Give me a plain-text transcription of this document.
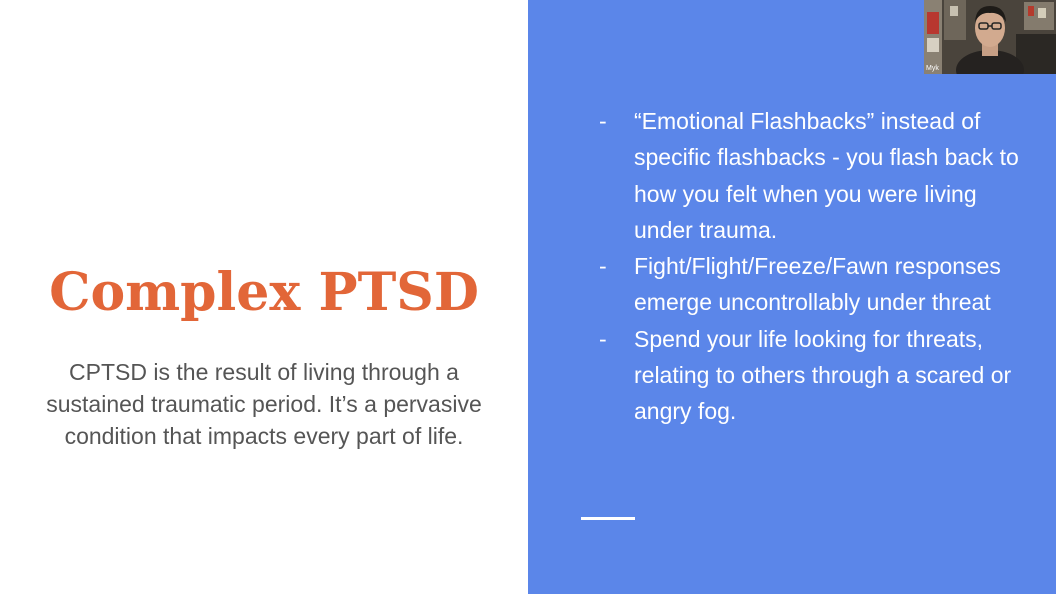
Complex PTSD
CPTSD is the result of living through a sustained traumatic period. It’s a pervasive condition that impacts every part of life.
- “Emotional Flashbacks” instead of specific flashbacks - you flash back to how you felt when you were living under trauma.
- Fight/Flight/Freeze/Fawn responses emerge uncontrollably under threat
- Spend your life looking for threats, relating to others through a scared or angry fog.
Myk
